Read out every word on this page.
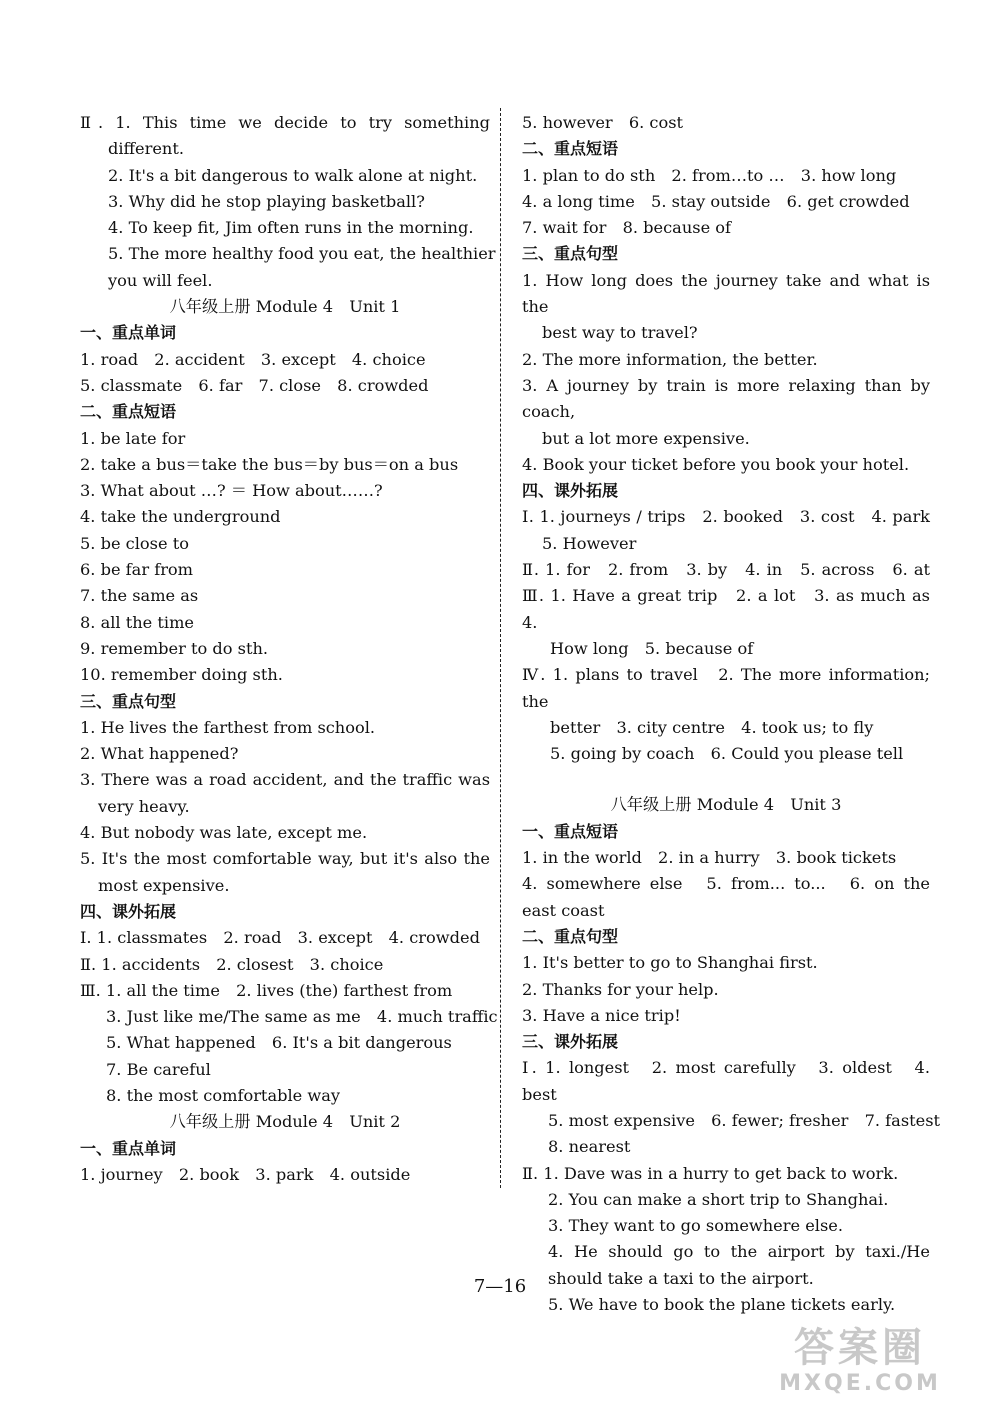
Ⅱ. 1. This time we decide to try something
different.
2. It's a bit dangerous to walk alone at night.
3. Why did he stop playing basketball?
4. To keep fit, Jim often runs in the morning.
5. The more healthy food you eat, the healthier
you will feel.
八年级上册 Module 4　Unit 1
一、重点单词
1. road　2. accident　3. except　4. choice
5. classmate　6. far　7. close　8. crowded
二、重点短语
1. be late for
2. take a bus＝take the bus＝by bus＝on a bus
3. What about …? ＝ How about……?
4. take the underground
5. be close to
6. be far from
7. the same as
8. all the time
9. remember to do sth.
10. remember doing sth.
三、重点句型
1. He lives the farthest from school.
2. What happened?
3. There was a road accident, and the traffic was
very heavy.
4. But nobody was late, except me.
5. It's the most comfortable way, but it's also the
most expensive.
四、课外拓展
Ⅰ. 1. classmates　2. road　3. except　4. crowded
Ⅱ. 1. accidents　2. closest　3. choice
Ⅲ. 1. all the time　2. lives (the) farthest from
3. Just like me/The same as me　4. much traffic
5. What happened　6. It's a bit dangerous
7. Be careful
8. the most comfortable way
八年级上册 Module 4　Unit 2
一、重点单词
1. journey　2. book　3. park　4. outside
5. however　6. cost
二、重点短语
1. plan to do sth　2. from…to …　3. how long
4. a long time　5. stay outside　6. get crowded
7. wait for　8. because of
三、重点句型
1. How long does the journey take and what is the
best way to travel?
2. The more information, the better.
3. A journey by train is more relaxing than by coach,
but a lot more expensive.
4. Book your ticket before you book your hotel.
四、课外拓展
Ⅰ. 1. journeys / trips　2. booked　3. cost　4. park
5. However
Ⅱ. 1. for　2. from　3. by　4. in　5. across　6. at
Ⅲ. 1. Have a great trip　2. a lot　3. as much as　4.
How long　5. because of
Ⅳ. 1. plans to travel　2. The more information; the
better　3. city centre　4. took us; to fly
5. going by coach　6. Could you please tell
八年级上册 Module 4　Unit 3
一、重点短语
1. in the world　2. in a hurry　3. book tickets
4. somewhere else　5. from... to...　6. on the
east coast
二、重点句型
1. It's better to go to Shanghai first.
2. Thanks for your help.
3. Have a nice trip!
三、课外拓展
Ⅰ. 1. longest　2. most carefully　3. oldest　4. best
5. most expensive　6. fewer; fresher　7. fastest
8. nearest
Ⅱ. 1. Dave was in a hurry to get back to work.
2. You can make a short trip to Shanghai.
3. They want to go somewhere else.
4. He should go to the airport by taxi./He
should take a taxi to the airport.
5. We have to book the plane tickets early.
7—16
答案圈
MXQE.COM
